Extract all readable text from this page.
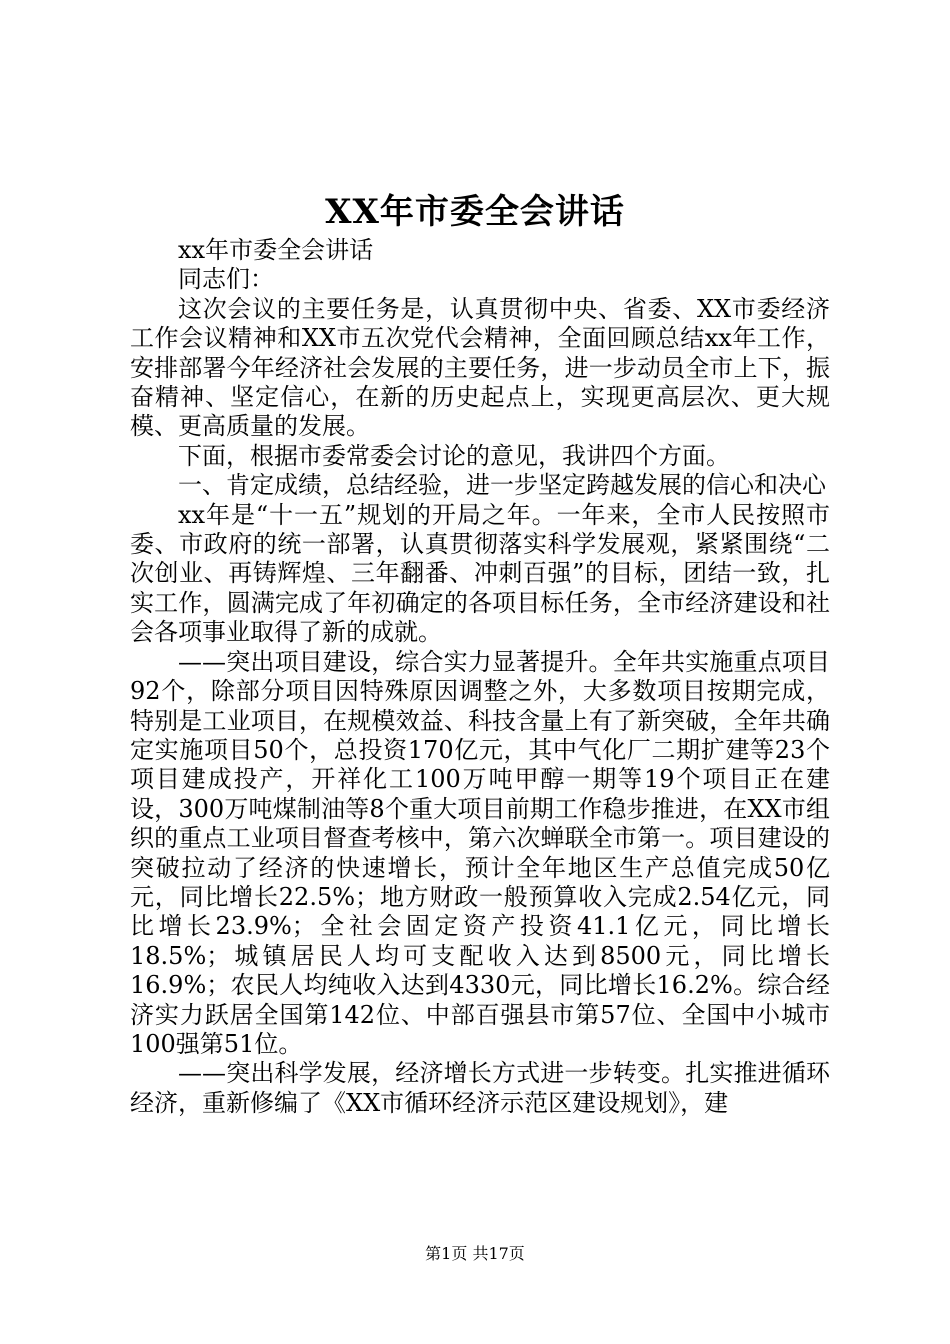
XX年市委全会讲话

xx年市委全会讲话

同志们：

这次会议的主要任务是，认真贯彻中央、省委、XX市委经济工作会议精神和XX市五次党代会精神，全面回顾总结xx年工作，安排部署今年经济社会发展的主要任务，进一步动员全市上下，振奋精神、坚定信心，在新的历史起点上，实现更高层次、更大规模、更高质量的发展。

下面，根据市委常委会讨论的意见，我讲四个方面。

一、肯定成绩，总结经验，进一步坚定跨越发展的信心和决心

xx年是“十一五”规划的开局之年。一年来，全市人民按照市委、市政府的统一部署，认真贯彻落实科学发展观，紧紧围绕“二次创业、再铸辉煌、三年翻番、冲刺百强”的目标，团结一致，扎实工作，圆满完成了年初确定的各项目标任务，全市经济建设和社会各项事业取得了新的成就。

——突出项目建设，综合实力显著提升。全年共实施重点项目92个，除部分项目因特殊原因调整之外，大多数项目按期完成，特别是工业项目，在规模效益、科技含量上有了新突破，全年共确定实施项目50个，总投资170亿元，其中气化厂二期扩建等23个项目建成投产，开祥化工100万吨甲醇一期等19个项目正在建设，300万吨煤制油等8个重大项目前期工作稳步推进，在XX市组织的重点工业项目督查考核中，第六次蝉联全市第一。项目建设的突破拉动了经济的快速增长，预计全年地区生产总值完成50亿元，同比增长22.5%；地方财政一般预算收入完成2.54亿元，同比增长23.9%；全社会固定资产投资41.1亿元，同比增长18.5%；城镇居民人均可支配收入达到8500元，同比增长16.9%；农民人均纯收入达到4330元，同比增长16.2%。综合经济实力跃居全国第142位、中部百强县市第57位、全国中小城市100强第51位。

——突出科学发展，经济增长方式进一步转变。扎实推进循环经济，重新修编了《XX市循环经济示范区建设规划》，建

第1页 共17页
